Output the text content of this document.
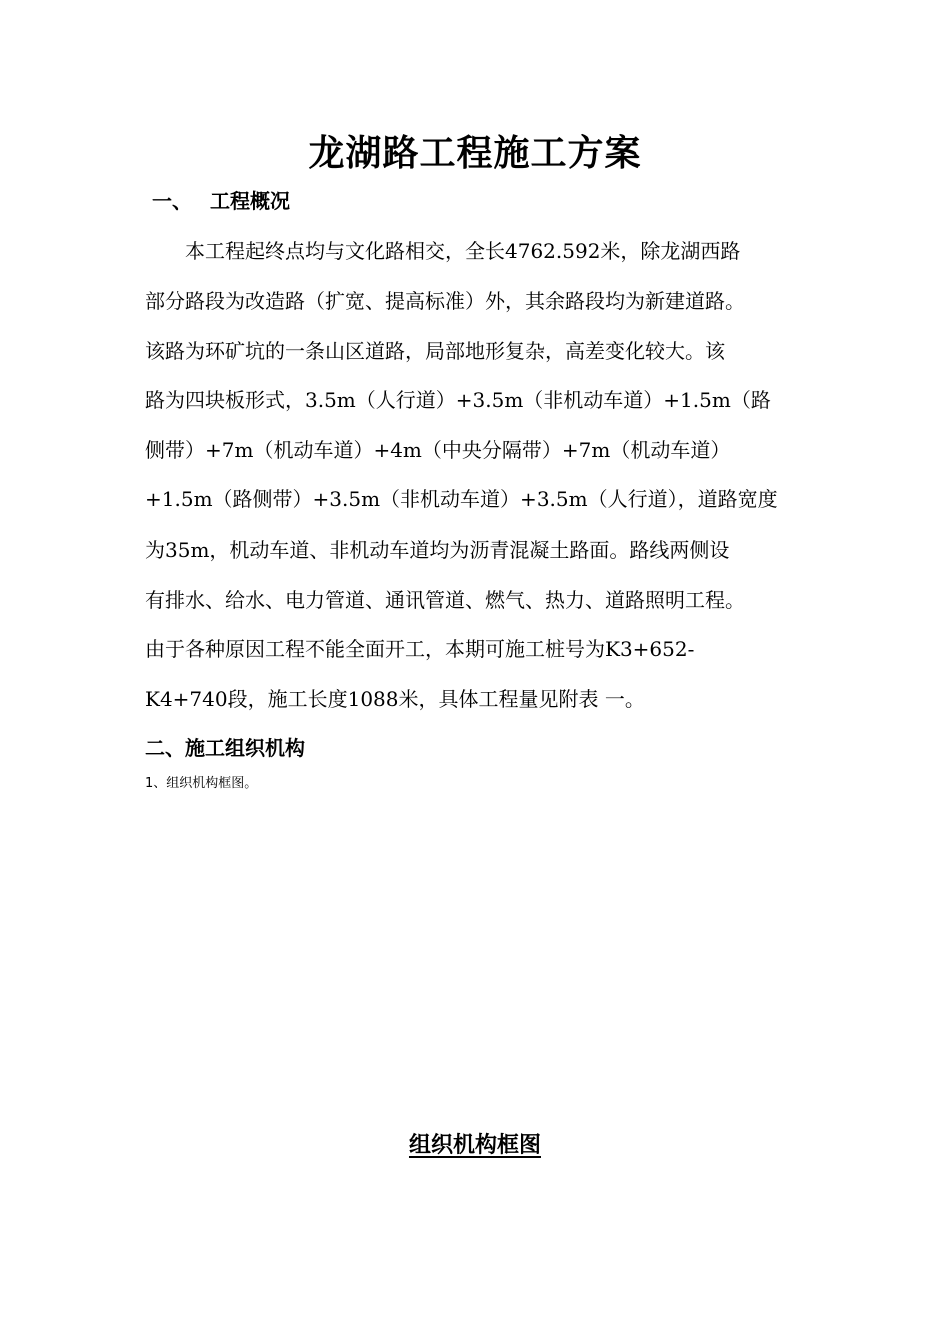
龙湖路工程施工方案
一、 工程概况
　　本工程起终点均与文化路相交，全长4762.592米，除龙湖西路
部分路段为改造路（扩宽、提高标准）外，其余路段均为新建道路。
该路为环矿坑的一条山区道路，局部地形复杂，高差变化较大。该
路为四块板形式，3.5m（人行道）+3.5m（非机动车道）+1.5m（路
侧带）+7m（机动车道）+4m（中央分隔带）+7m（机动车道）
+1.5m（路侧带）+3.5m（非机动车道）+3.5m（人行道），道路宽度
为35m，机动车道、非机动车道均为沥青混凝土路面。路线两侧设
有排水、给水、电力管道、通讯管道、燃气、热力、道路照明工程。
由于各种原因工程不能全面开工，本期可施工桩号为K3+652-
K4+740段，施工长度1088米，具体工程量见附表 一。
二、施工组织机构
1、组织机构框图。
组织机构框图
